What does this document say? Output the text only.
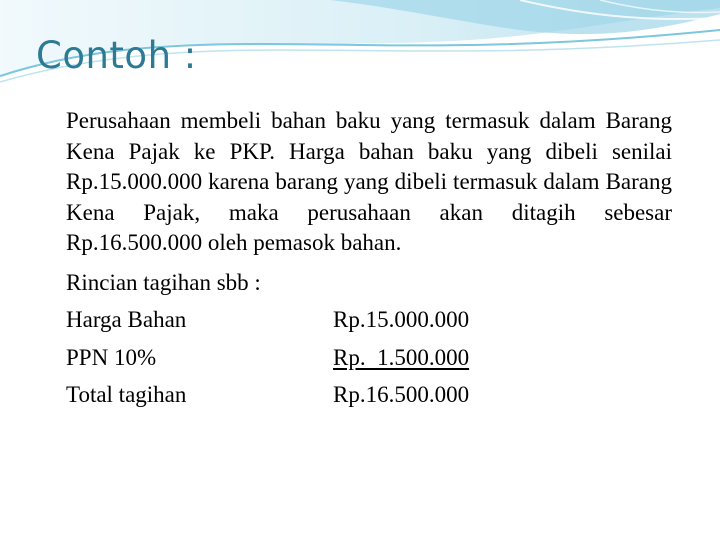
Contoh :

Perusahaan membeli bahan baku yang termasuk dalam Barang Kena Pajak ke PKP. Harga bahan baku yang dibeli senilai Rp.15.000.000 karena barang yang dibeli termasuk dalam Barang Kena Pajak, maka perusahaan akan ditagih sebesar Rp.16.500.000 oleh pemasok bahan.

Rincian tagihan sbb :
Harga Bahan	Rp.15.000.000
PPN 10%	Rp.  1.500.000
Total tagihan	Rp.16.500.000
